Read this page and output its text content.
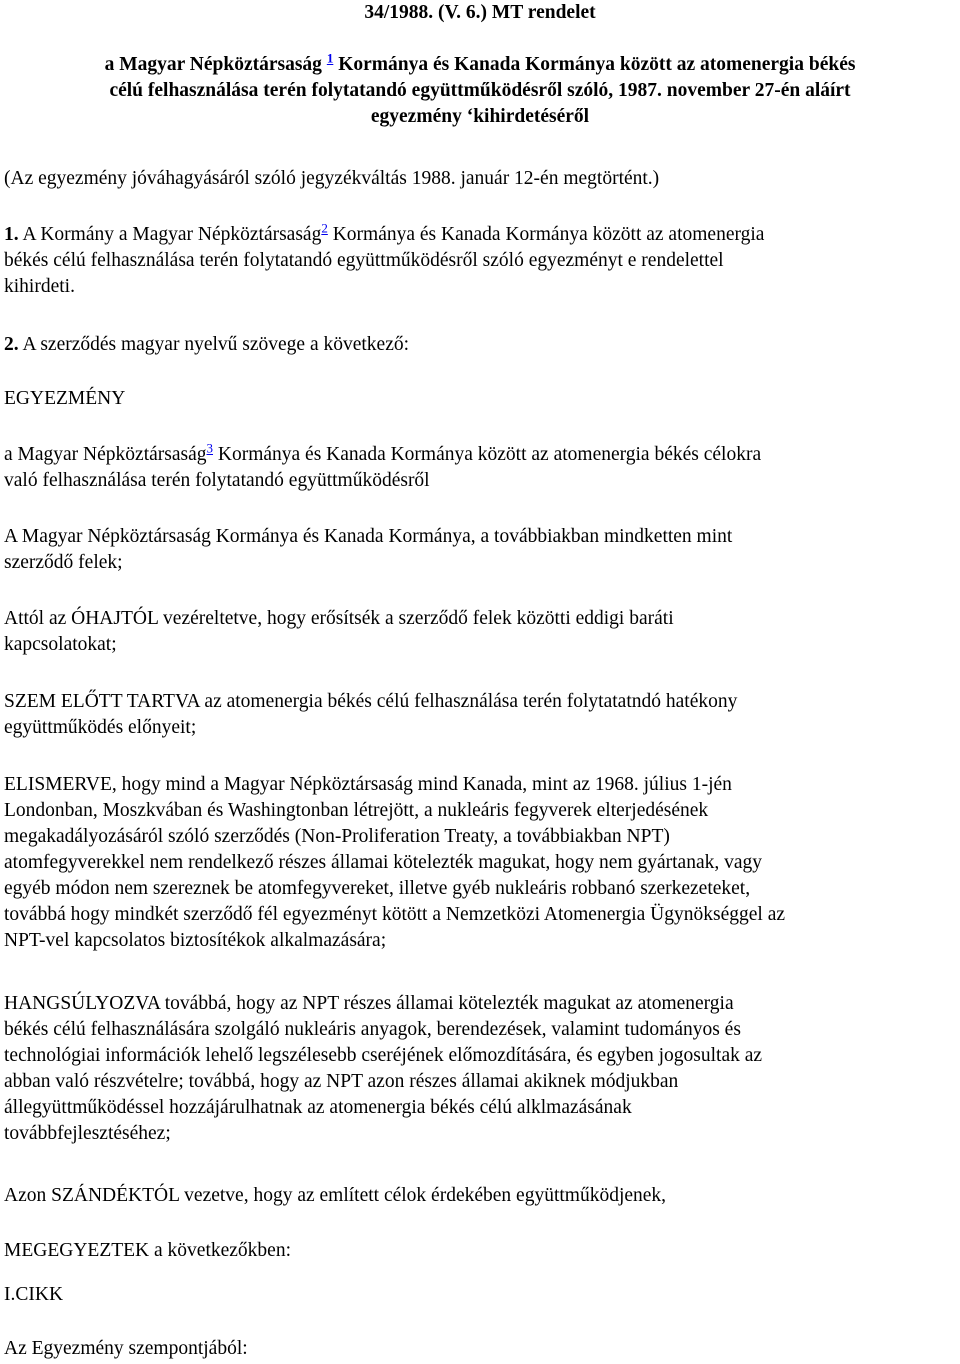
34/1988. (V. 6.) MT rendelet
a Magyar Népköztársaság $^1$ Kormánya és Kanada Kormánya között az atomenergia békés
célú felhasználása terén folytatandó együttműködésről szóló, 1987. november 27-én aláírt
egyezmény ‘kihirdetéséről
(Az egyezmény jóváhagyásáról szóló jegyzékváltás 1988. január 12-én megtörtént.)
1. A Kormány a Magyar Népköztársaság$^2$ Kormánya és Kanada Kormánya között az atomenergia
békés célú felhasználása terén folytatandó együttműködésről szóló egyezményt e rendelettel
kihirdeti.
2. A szerződés magyar nyelvű szövege a következő:
EGYEZMÉNY
a Magyar Népköztársaság$^3$ Kormánya és Kanada Kormánya között az atomenergia békés célokra
való felhasználása terén folytatandó együttműködésről
A Magyar Népköztársaság Kormánya és Kanada Kormánya, a továbbiakban mindketten mint
szerződő felek;
Attól az ÓHAJTÓL vezéreltetve, hogy erősítsék a szerződő felek közötti eddigi baráti
kapcsolatokat;
SZEM ELŐTT TARTVA az atomenergia békés célú felhasználása terén folytatatndó hatékony
együttműködés előnyeit;
ELISMERVE, hogy mind a Magyar Népköztársaság mind Kanada, mint az 1968. július 1-jén
Londonban, Moszkvában és Washingtonban létrejött, a nukleáris fegyverek elterjedésének
megakadályozásáról szóló szerződés (Non-Proliferation Treaty, a továbbiakban NPT)
atomfegyverekkel nem rendelkező részes államai kötelezték magukat, hogy nem gyártanak, vagy
egyéb módon nem szereznek be atomfegyvereket, illetve gyéb nukleáris robbanó szerkezeteket,
továbbá hogy mindkét szerződő fél egyezményt kötött a Nemzetközi Atomenergia Ügynökséggel az
NPT-vel kapcsolatos biztosítékok alkalmazására;
HANGSÚLYOZVA továbbá, hogy az NPT részes államai kötelezték magukat az atomenergia
békés célú felhasználására szolgáló nukleáris anyagok, berendezések, valamint tudományos és
technológiai információk lehelő legszélesebb cseréjének előmozdítására, és egyben jogosultak az
abban való részvételre; továbbá, hogy az NPT azon részes államai akiknek módjukban
állegyüttműködéssel hozzájárulhatnak az atomenergia békés célú alklmazásának
továbbfejlesztéséhez;
Azon SZÁNDÉKTÓL vezetve, hogy az említett célok érdekében együttműködjenek,
MEGEGYEZTEK a következőkben:
I.CIKK
Az Egyezmény szempontjából:
